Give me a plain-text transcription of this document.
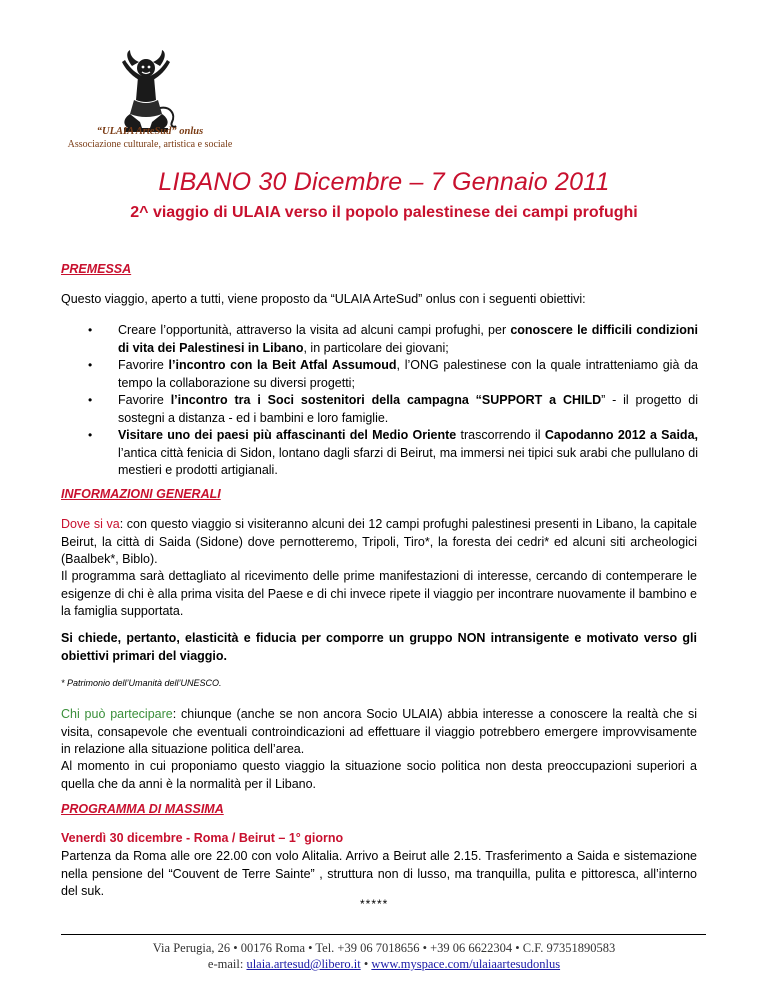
“ULAIA ArteSud” onlus
Associazione culturale, artistica e sociale
LIBANO 30 Dicembre – 7 Gennaio 2011
2^ viaggio di ULAIA verso il popolo palestinese dei campi profughi
PREMESSA
Questo viaggio, aperto a tutti, viene proposto da “ULAIA ArteSud” onlus con i seguenti obiettivi:
• Creare l’opportunità, attraverso la visita ad alcuni campi profughi, per conoscere le difficili condizioni di vita dei Palestinesi in Libano, in particolare dei giovani;
• Favorire l’incontro con la Beit Atfal Assumoud, l’ONG palestinese con la quale intratteniamo già da tempo la collaborazione su diversi progetti;
• Favorire l’incontro tra i Soci sostenitori della campagna “SUPPORT a CHILD” - il progetto di sostegni a distanza - ed i bambini e loro famiglie.
• Visitare uno dei paesi più affascinanti del Medio Oriente trascorrendo il Capodanno 2012 a Saida, l’antica città fenicia di Sidon, lontano dagli sfarzi di Beirut, ma immersi nei tipici suk arabi che pullulano di mestieri e prodotti artigianali.
INFORMAZIONI GENERALI
Dove si va: con questo viaggio si visiteranno alcuni dei 12 campi profughi palestinesi presenti in Libano, la capitale Beirut, la città di Saida (Sidone) dove pernotteremo, Tripoli, Tiro*, la foresta dei cedri* ed alcuni siti archeologici (Baalbek*, Biblo).
Il programma sarà dettagliato al ricevimento delle prime manifestazioni di interesse, cercando di contemperare le esigenze di chi è alla prima visita del Paese e di chi invece ripete il viaggio per incontrare nuovamente il bambino e la famiglia supportata.
Si chiede, pertanto, elasticità e fiducia per comporre un gruppo NON intransigente e motivato verso gli obiettivi primari del viaggio.
* Patrimonio dell’Umanità dell’UNESCO.
Chi può partecipare: chiunque (anche se non ancora Socio ULAIA) abbia interesse a conoscere la realtà che si visita, consapevole che eventuali controindicazioni ad effettuare il viaggio potrebbero emergere improvvisamente in relazione alla situazione politica dell’area.
Al momento in cui proponiamo questo viaggio la situazione socio politica non desta preoccupazioni superiori a quella che da anni è la normalità per il Libano.
PROGRAMMA DI MASSIMA
Venerdì 30 dicembre - Roma / Beirut – 1° giorno
Partenza da Roma alle ore 22.00 con volo Alitalia. Arrivo a Beirut alle 2.15. Trasferimento a Saida e sistemazione nella pensione del “Couvent de Terre Sainte” , struttura non di lusso, ma tranquilla, pulita e pittoresca, all’interno del suk.
*****
Via Perugia, 26 • 00176 Roma • Tel. +39 06 7018656 • +39 06 6622304 • C.F. 97351890583
e-mail: ulaia.artesud@libero.it • www.myspace.com/ulaiaartesudonlus
